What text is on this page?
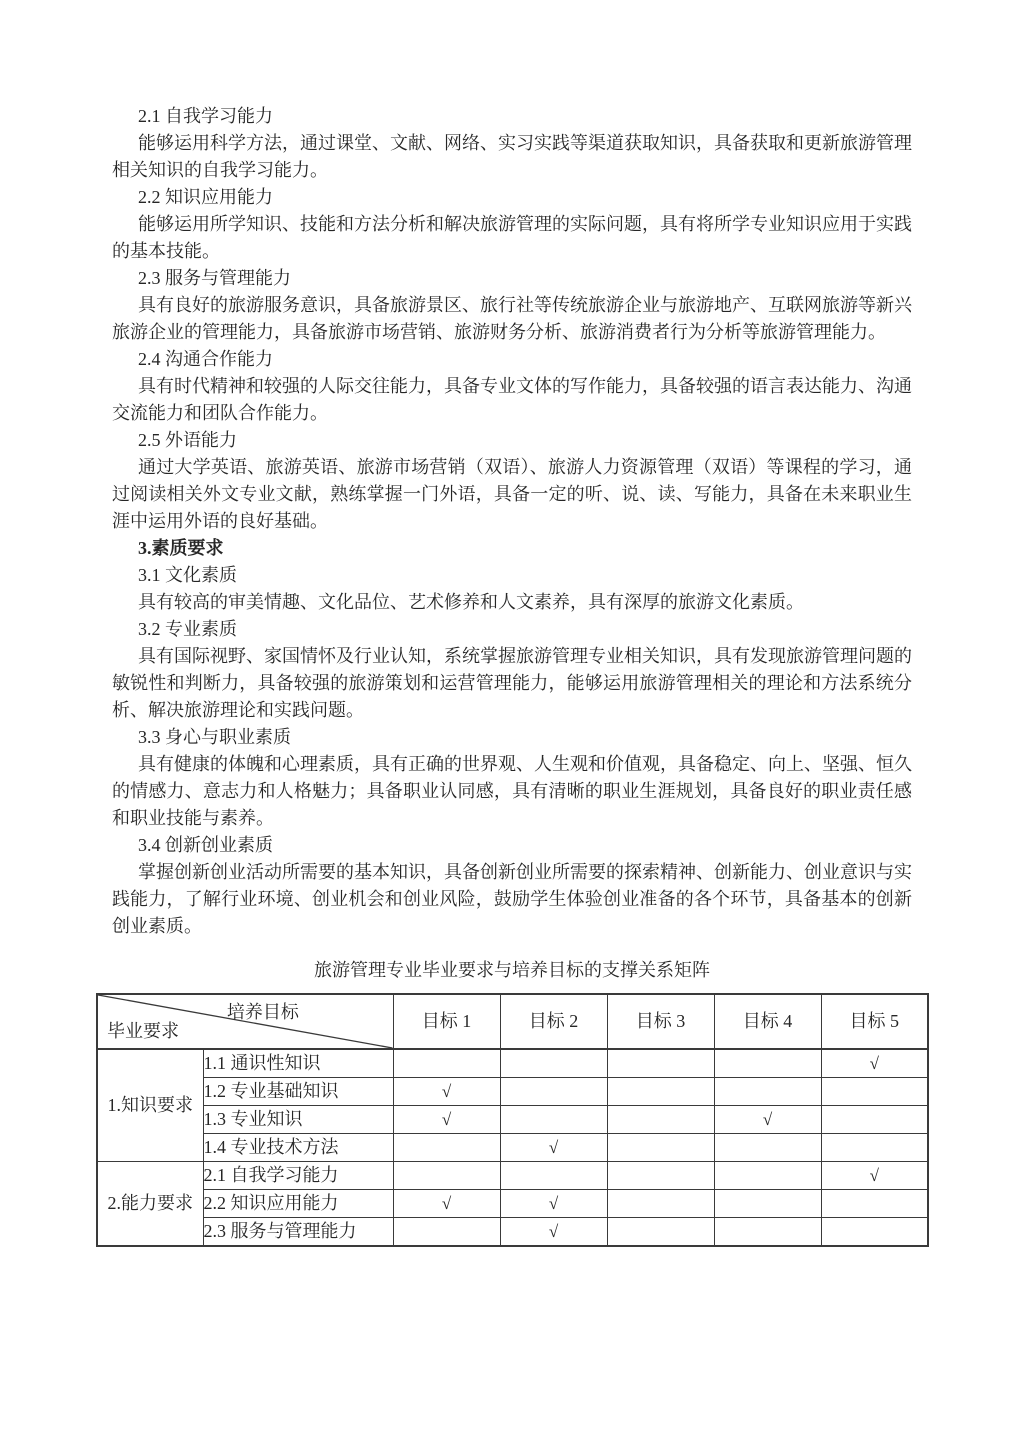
2.1 自我学习能力
能够运用科学方法，通过课堂、文献、网络、实习实践等渠道获取知识，具备获取和更新旅游管理相关知识的自我学习能力。
2.2 知识应用能力
能够运用所学知识、技能和方法分析和解决旅游管理的实际问题，具有将所学专业知识应用于实践的基本技能。
2.3 服务与管理能力
具有良好的旅游服务意识，具备旅游景区、旅行社等传统旅游企业与旅游地产、互联网旅游等新兴旅游企业的管理能力，具备旅游市场营销、旅游财务分析、旅游消费者行为分析等旅游管理能力。
2.4 沟通合作能力
具有时代精神和较强的人际交往能力，具备专业文体的写作能力，具备较强的语言表达能力、沟通交流能力和团队合作能力。
2.5 外语能力
通过大学英语、旅游英语、旅游市场营销（双语）、旅游人力资源管理（双语）等课程的学习，通过阅读相关外文专业文献，熟练掌握一门外语，具备一定的听、说、读、写能力，具备在未来职业生涯中运用外语的良好基础。
3.素质要求
3.1 文化素质
具有较高的审美情趣、文化品位、艺术修养和人文素养，具有深厚的旅游文化素质。
3.2 专业素质
具有国际视野、家国情怀及行业认知，系统掌握旅游管理专业相关知识，具有发现旅游管理问题的敏锐性和判断力，具备较强的旅游策划和运营管理能力，能够运用旅游管理相关的理论和方法系统分析、解决旅游理论和实践问题。
3.3 身心与职业素质
具有健康的体魄和心理素质，具有正确的世界观、人生观和价值观，具备稳定、向上、坚强、恒久的情感力、意志力和人格魅力；具备职业认同感，具有清晰的职业生涯规划，具备良好的职业责任感和职业技能与素养。
3.4 创新创业素质
掌握创新创业活动所需要的基本知识，具备创新创业所需要的探索精神、创新能力、创业意识与实践能力，了解行业环境、创业机会和创业风险，鼓励学生体验创业准备的各个环节，具备基本的创新创业素质。
旅游管理专业毕业要求与培养目标的支撑关系矩阵
培养目标
毕业要求		目标 1	目标 2	目标 3	目标 4	目标 5
1.知识要求	1.1 通识性知识					√
	1.2 专业基础知识	√				
	1.3 专业知识	√			√	
	1.4 专业技术方法		√			
2.能力要求	2.1 自我学习能力					√
	2.2 知识应用能力	√	√			
	2.3 服务与管理能力		√			
